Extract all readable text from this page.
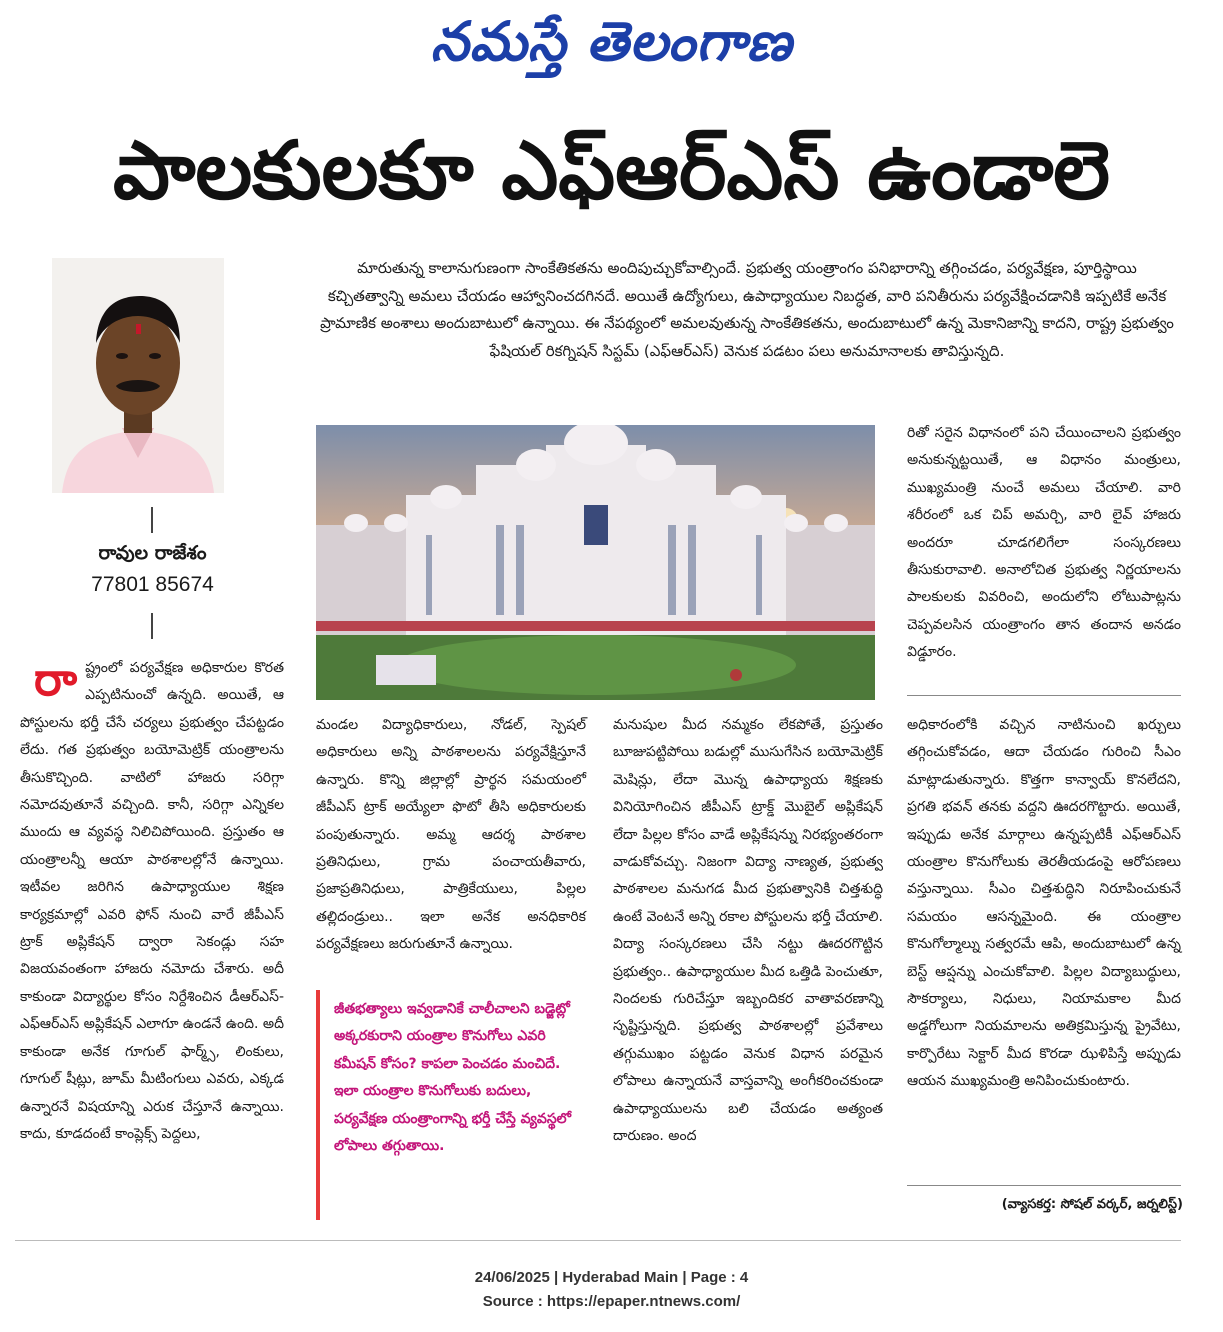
నమస్తే తెలంగాణ
పాలకులకూ ఎఫ్ఆర్ఎస్ ఉండాలె
రావుల రాజేశం
77801 85674
మారుతున్న కాలానుగుణంగా సాంకేతికతను అందిపుచ్చుకోవాల్సిందే. ప్రభుత్వ యంత్రాంగం పనిభారాన్ని తగ్గించడం, పర్యవేక్షణ, పూర్తిస్థాయి కచ్చితత్వాన్ని అమలు చేయడం ఆహ్వానించదగినదే. అయితే ఉద్యోగులు, ఉపాధ్యాయుల నిబద్ధత, వారి పనితీరును పర్యవేక్షించడానికి ఇప్పటికే అనేక ప్రామాణిక అంశాలు అందుబాటులో ఉన్నాయి. ఈ నేపథ్యంలో అమలవుతున్న సాంకేతికతను, అందుబాటులో ఉన్న మెకానిజాన్ని కాదని, రాష్ట్ర ప్రభుత్వం ఫేషియల్ రికగ్నిషన్ సిస్టమ్ (ఎఫ్ఆర్ఎస్) వెనుక పడటం పలు అనుమానాలకు తావిస్తున్నది.
రా ష్ట్రంలో పర్యవేక్షణ అధికారుల కొరత ఎప్పటినుంచో ఉన్నది. అయితే, ఆ పోస్టులను భర్తీ చేసే చర్యలు ప్రభుత్వం చేపట్టడం లేదు. గత ప్రభుత్వం బయోమెట్రిక్ యంత్రాలను తీసుకొచ్చింది. వాటిలో హాజరు సరిగ్గా నమోదవుతూనే వచ్చింది. కానీ, సరిగ్గా ఎన్నికల ముందు ఆ వ్యవస్థ నిలిచిపోయింది. ప్రస్తుతం ఆ యంత్రాలన్నీ ఆయా పాఠశాలల్లోనే ఉన్నాయి. ఇటీవల జరిగిన ఉపాధ్యాయుల శిక్షణ కార్యక్రమాల్లో ఎవరి ఫోన్ నుంచి వారే జీపీఎస్ ట్రాక్ అప్లికేషన్ ద్వారా సెకండ్లు సహ విజయవంతంగా హాజరు నమోదు చేశారు. అదీ కాకుండా విద్యార్థుల కోసం నిర్దేశించిన డీఆర్ఎస్-ఎఫ్ఆర్ఎస్ అప్లికేషన్ ఎలాగూ ఉండనే ఉంది. అదీ కాకుండా అనేక గూగుల్ ఫార్మ్స్, లింకులు, గూగుల్ షీట్లు, జూమ్ మీటింగులు ఎవరు, ఎక్కడ ఉన్నారనే విషయాన్ని ఎరుక చేస్తూనే ఉన్నాయి. కాదు, కూడదంటే కాంప్లెక్స్ పెద్దలు,
మండల విద్యాధికారులు, నోడల్, స్పెషల్ అధికారులు అన్ని పాఠశాలలను పర్యవేక్షిస్తూనే ఉన్నారు. కొన్ని జిల్లాల్లో ప్రార్థన సమయంలో జీపీఎస్ ట్రాక్ అయ్యేలా ఫొటో తీసి అధికారులకు పంపుతున్నారు. అమ్మ ఆదర్శ పాఠశాల ప్రతినిధులు, గ్రామ పంచాయతీవారు, ప్రజాప్రతినిధులు, పాత్రికేయులు, పిల్లల తల్లిదండ్రులు.. ఇలా అనేక అనధికారిక పర్యవేక్షణలు జరుగుతూనే ఉన్నాయి.
జీతభత్యాలు ఇవ్వడానికే చాలీచాలని బడ్జెట్లో అక్కరకురాని యంత్రాల కొనుగోలు ఎవరి కమీషన్ కోసం? కాపలా పెంచడం మంచిదే. ఇలా యంత్రాల కొనుగోలుకు బదులు, పర్యవేక్షణ యంత్రాంగాన్ని భర్తీ చేస్తే వ్యవస్థలో లోపాలు తగ్గుతాయి.
మనుషుల మీద నమ్మకం లేకపోతే, ప్రస్తుతం బూజుపట్టిపోయి బడుల్లో ముసుగేసిన బయోమెట్రిక్ మెషిన్లు, లేదా మొన్న ఉపాధ్యాయ శిక్షణకు వినియోగించిన జీపీఎస్ ట్రాక్డ్ మొబైల్ అప్లికేషన్ లేదా పిల్లల కోసం వాడే అప్లికేషన్ను నిరభ్యంతరంగా వాడుకోవచ్చు. నిజంగా విద్యా నాణ్యత, ప్రభుత్వ పాఠశాలల మనుగడ మీద ప్రభుత్వానికి చిత్తశుద్ధి ఉంటే వెంటనే అన్ని రకాల పోస్టులను భర్తీ చేయాలి. విద్యా సంస్కరణలు చేసి నట్టు ఊదరగొట్టిన ప్రభుత్వం.. ఉపాధ్యాయుల మీద ఒత్తిడి పెంచుతూ, నిందలకు గురిచేస్తూ ఇబ్బందికర వాతావరణాన్ని సృష్టిస్తున్నది. ప్రభుత్వ పాఠశాలల్లో ప్రవేశాలు తగ్గుముఖం పట్టడం వెనుక విధాన పరమైన లోపాలు ఉన్నాయనే వాస్తవాన్ని అంగీకరించకుండా ఉపాధ్యాయులను బలి చేయడం అత్యంత దారుణం. అంద
రితో సరైన విధానంలో పని చేయించాలని ప్రభుత్వం అనుకున్నట్టయితే, ఆ విధానం మంత్రులు, ముఖ్యమంత్రి నుంచే అమలు చేయాలి. వారి శరీరంలో ఒక చిప్ అమర్చి, వారి లైవ్ హాజరు అందరూ చూడగలిగేలా సంస్కరణలు తీసుకురావాలి. అనాలోచిత ప్రభుత్వ నిర్ణయాలను పాలకులకు వివరించి, అందులోని లోటుపాట్లను చెప్పవలసిన యంత్రాంగం తాన తందాన అనడం విడ్డూరం.
అధికారంలోకి వచ్చిన నాటినుంచి ఖర్చులు తగ్గించుకోవడం, ఆదా చేయడం గురించి సీఎం మాట్లాడుతున్నారు. కొత్తగా కాన్వాయ్ కొనలేదని, ప్రగతి భవన్ తనకు వద్దని ఊదరగొట్టారు. అయితే, ఇప్పుడు అనేక మార్గాలు ఉన్నప్పటికీ ఎఫ్ఆర్ఎస్ యంత్రాల కొనుగోలుకు తెరతీయడంపై ఆరోపణలు వస్తున్నాయి. సీఎం చిత్తశుద్ధిని నిరూపించుకునే సమయం ఆసన్నమైంది. ఈ యంత్రాల కొనుగోల్మాల్ను సత్వరమే ఆపి, అందుబాటులో ఉన్న బెస్ట్ ఆప్షన్ను ఎంచుకోవాలి. పిల్లల విద్యాబుద్ధులు, సౌకర్యాలు, నిధులు, నియామకాల మీద అడ్డగోలుగా నియమాలను అతిక్రమిస్తున్న ప్రైవేటు, కార్పొరేటు సెక్టార్ మీద కొరడా ఝళిపిస్తే అప్పుడు ఆయన ముఖ్యమంత్రి అనిపించుకుంటారు.
(వ్యాసకర్త: సోషల్ వర్కర్, జర్నలిస్ట్)
24/06/2025 | Hyderabad Main | Page : 4
Source : https://epaper.ntnews.com/
